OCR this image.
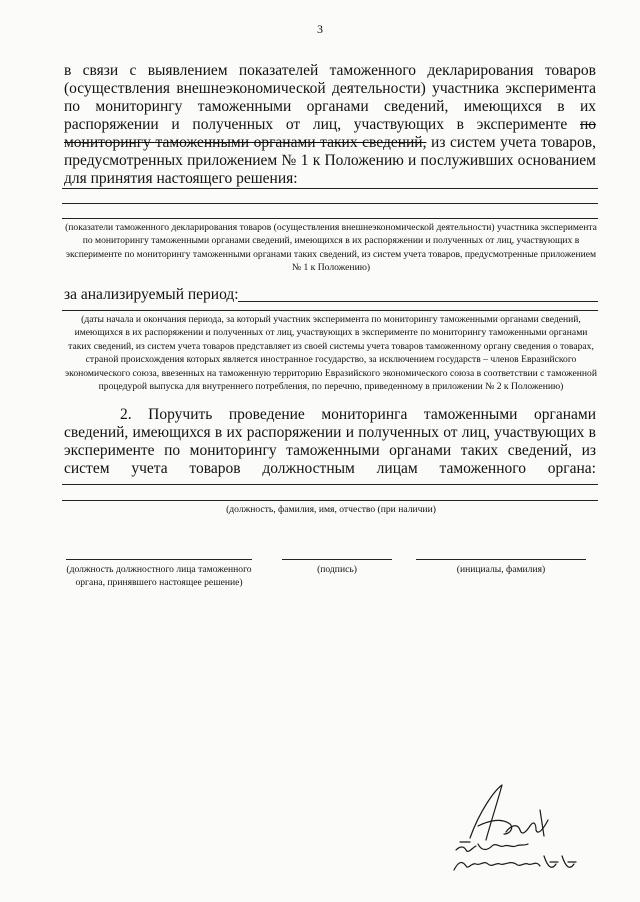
3
в связи с выявлением показателей таможенного декларирования товаров (осуществления внешнеэкономической деятельности) участника эксперимента по мониторингу таможенными органами сведений, имеющихся в их распоряжении и полученных от лиц, участвующих в эксперименте по мониторингу таможенными органами таких сведений, из систем учета товаров, предусмотренных приложением № 1 к Положению и послуживших основанием для принятия настоящего решения:
(показатели таможенного декларирования товаров (осуществления внешнеэкономической деятельности) участника эксперимента по мониторингу таможенными органами сведений, имеющихся в их распоряжении и полученных от лиц, участвующих в эксперименте по мониторингу таможенными органами таких сведений, из систем учета товаров, предусмотренные приложением № 1 к Положению)
за анализируемый период:
(даты начала и окончания периода, за который участник эксперимента по мониторингу таможенными органами сведений, имеющихся в их распоряжении и полученных от лиц, участвующих в эксперименте по мониторингу таможенными органами таких сведений, из систем учета товаров представляет из своей системы учета товаров таможенному органу сведения о товарах, страной происхождения которых является иностранное государство, за исключением государств – членов Евразийского экономического союза, ввезенных на таможенную территорию Евразийского экономического союза в соответствии с таможенной процедурой выпуска для внутреннего потребления, по перечню, приведенному в приложении № 2 к Положению)
2. Поручить проведение мониторинга таможенными органами сведений, имеющихся в их распоряжении и полученных от лиц, участвующих в эксперименте по мониторингу таможенными органами таких сведений, из систем учета товаров должностным лицам таможенного органа:
(должность, фамилия, имя, отчество (при наличии)
(должность должностного лица таможенного органа, принявшего настоящее решение)
(подпись)	(инициалы, фамилия)
